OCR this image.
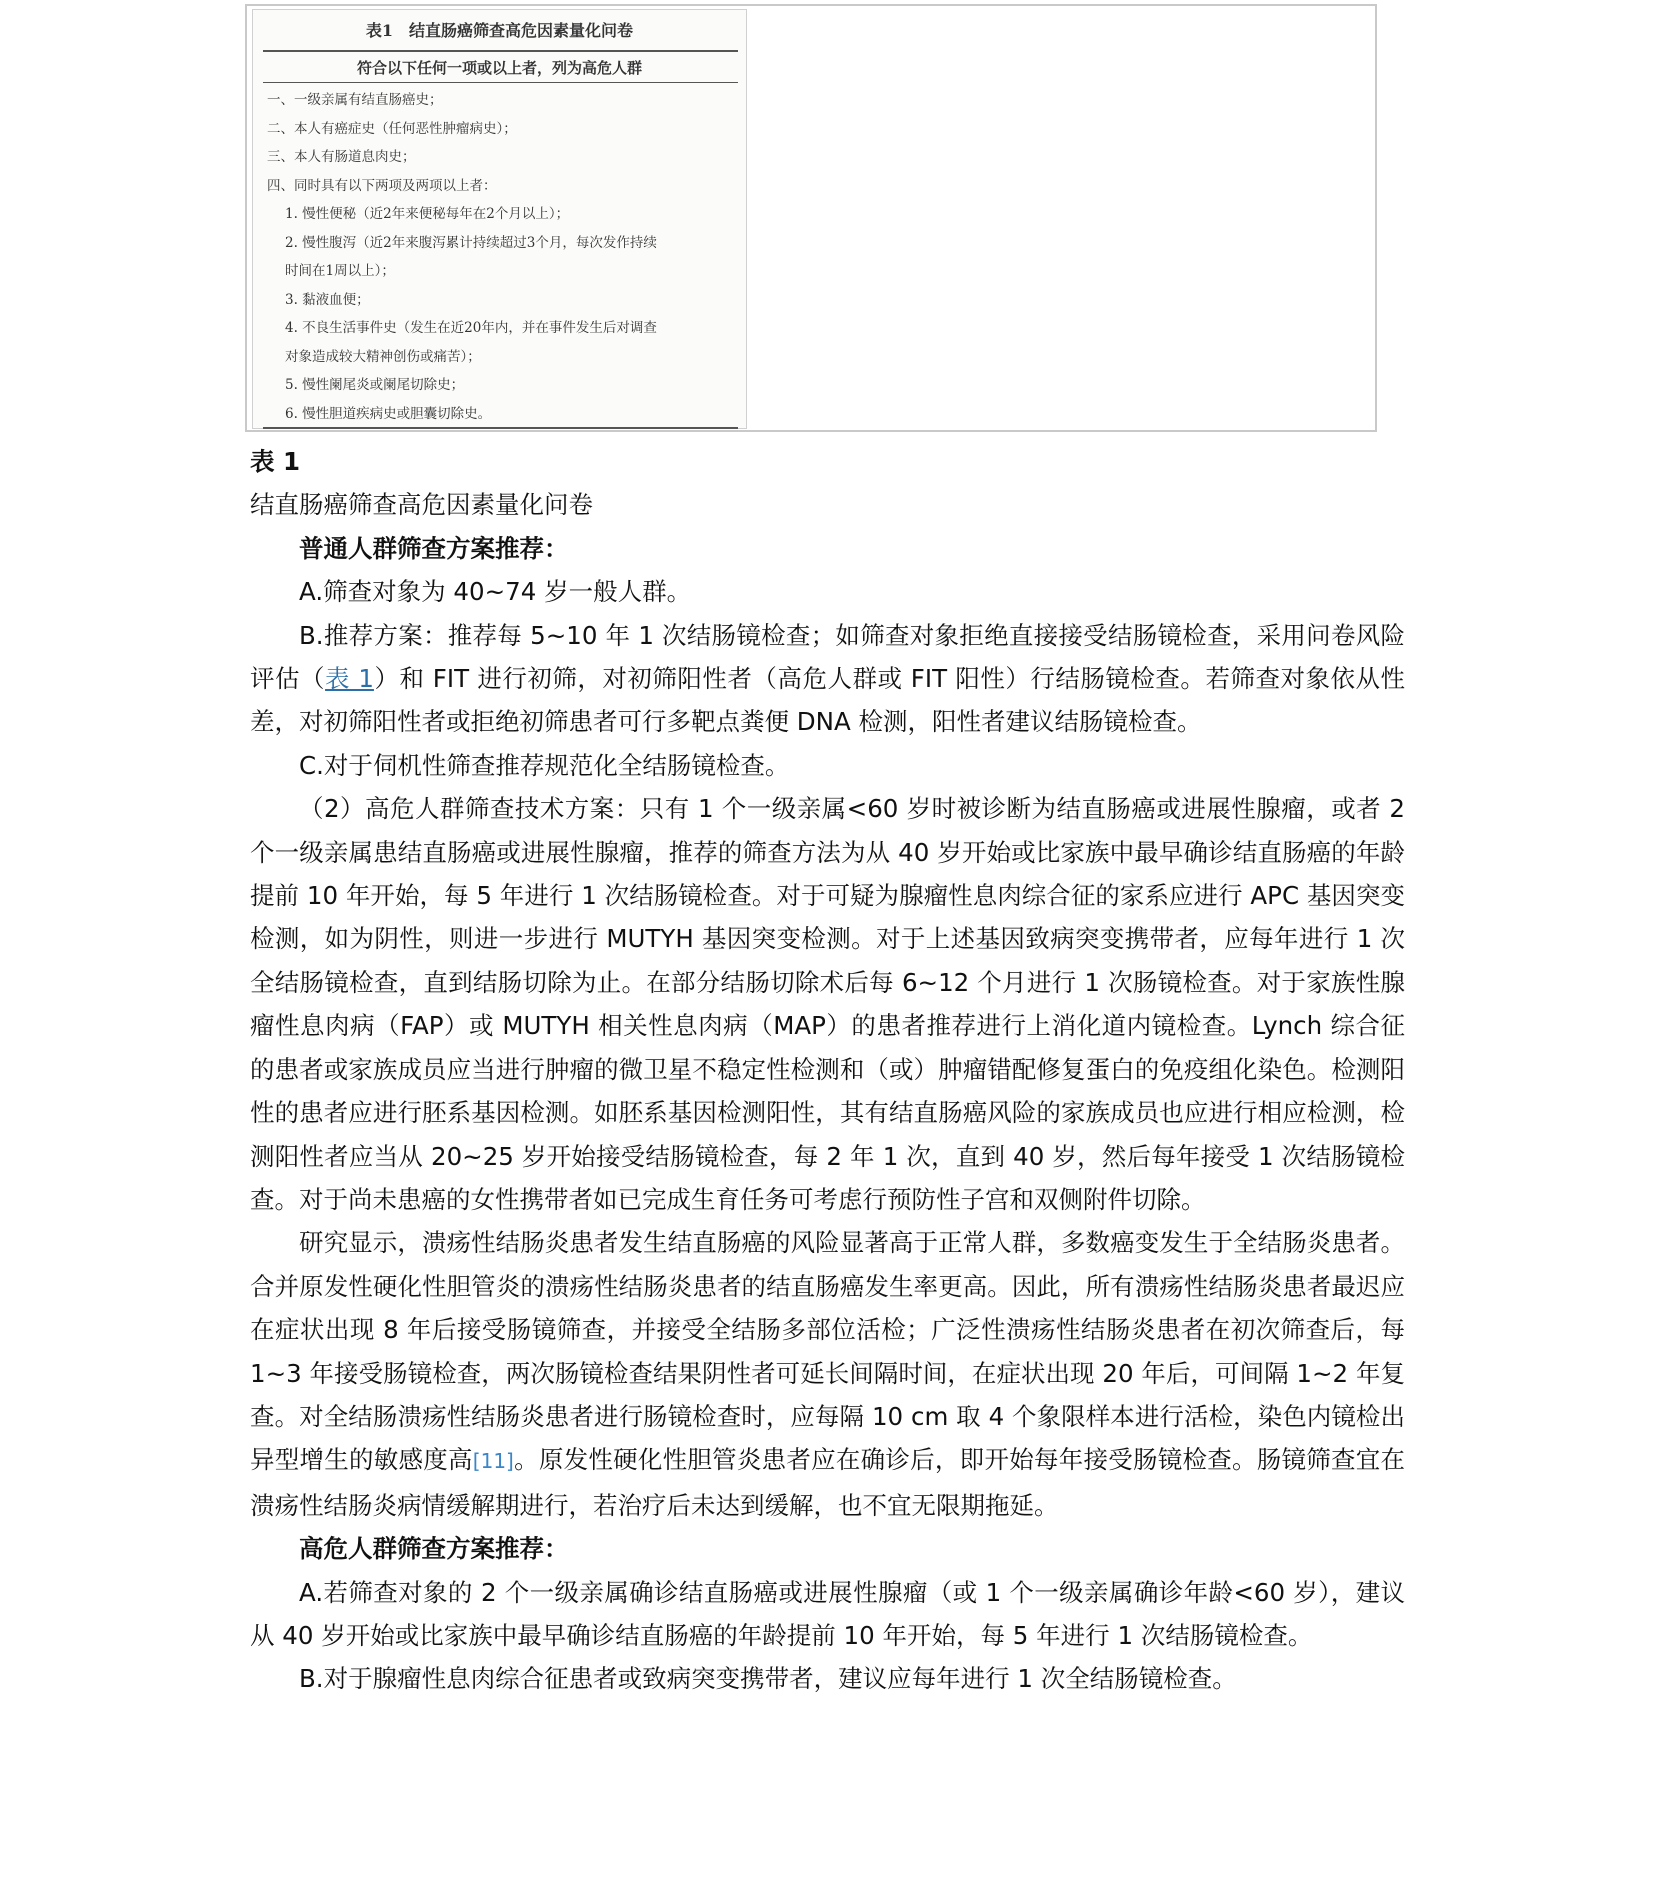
表1　结直肠癌筛查高危因素量化问卷
符合以下任何一项或以上者，列为高危人群
一、一级亲属有结直肠癌史；
二、本人有癌症史（任何恶性肿瘤病史）；
三、本人有肠道息肉史；
四、同时具有以下两项及两项以上者：
1. 慢性便秘（近2年来便秘每年在2个月以上）；
2. 慢性腹泻（近2年来腹泻累计持续超过3个月，每次发作持续
时间在1周以上）；
3. 黏液血便；
4. 不良生活事件史（发生在近20年内，并在事件发生后对调查
对象造成较大精神创伤或痛苦）；
5. 慢性阑尾炎或阑尾切除史；
6. 慢性胆道疾病史或胆囊切除史。

表 1

结直肠癌筛查高危因素量化问卷

普通人群筛查方案推荐：

A.筛查对象为 40~74 岁一般人群。

B.推荐方案：推荐每 5~10 年 1 次结肠镜检查；如筛查对象拒绝直接接受结肠镜检查，采用问卷风险评估（表 1）和 FIT 进行初筛，对初筛阳性者（高危人群或 FIT 阳性）行结肠镜检查。若筛查对象依从性差，对初筛阳性者或拒绝初筛患者可行多靶点粪便 DNA 检测，阳性者建议结肠镜检查。

C.对于伺机性筛查推荐规范化全结肠镜检查。

（2）高危人群筛查技术方案：只有 1 个一级亲属<60 岁时被诊断为结直肠癌或进展性腺瘤，或者 2 个一级亲属患结直肠癌或进展性腺瘤，推荐的筛查方法为从 40 岁开始或比家族中最早确诊结直肠癌的年龄提前 10 年开始，每 5 年进行 1 次结肠镜检查。对于可疑为腺瘤性息肉综合征的家系应进行 APC 基因突变检测，如为阴性，则进一步进行 MUTYH 基因突变检测。对于上述基因致病突变携带者，应每年进行 1 次全结肠镜检查，直到结肠切除为止。在部分结肠切除术后每 6~12 个月进行 1 次肠镜检查。对于家族性腺瘤性息肉病（FAP）或 MUTYH 相关性息肉病（MAP）的患者推荐进行上消化道内镜检查。Lynch 综合征的患者或家族成员应当进行肿瘤的微卫星不稳定性检测和（或）肿瘤错配修复蛋白的免疫组化染色。检测阳性的患者应进行胚系基因检测。如胚系基因检测阳性，其有结直肠癌风险的家族成员也应进行相应检测，检测阳性者应当从 20~25 岁开始接受结肠镜检查，每 2 年 1 次，直到 40 岁，然后每年接受 1 次结肠镜检查。对于尚未患癌的女性携带者如已完成生育任务可考虑行预防性子宫和双侧附件切除。

研究显示，溃疡性结肠炎患者发生结直肠癌的风险显著高于正常人群，多数癌变发生于全结肠炎患者。合并原发性硬化性胆管炎的溃疡性结肠炎患者的结直肠癌发生率更高。因此，所有溃疡性结肠炎患者最迟应在症状出现 8 年后接受肠镜筛查，并接受全结肠多部位活检；广泛性溃疡性结肠炎患者在初次筛查后，每 1~3 年接受肠镜检查，两次肠镜检查结果阴性者可延长间隔时间，在症状出现 20 年后，可间隔 1~2 年复查。对全结肠溃疡性结肠炎患者进行肠镜检查时，应每隔 10 cm 取 4 个象限样本进行活检，染色内镜检出异型增生的敏感度高[11]。原发性硬化性胆管炎患者应在确诊后，即开始每年接受肠镜检查。肠镜筛查宜在溃疡性结肠炎病情缓解期进行，若治疗后未达到缓解，也不宜无限期拖延。

高危人群筛查方案推荐：

A.若筛查对象的 2 个一级亲属确诊结直肠癌或进展性腺瘤（或 1 个一级亲属确诊年龄<60 岁），建议从 40 岁开始或比家族中最早确诊结直肠癌的年龄提前 10 年开始，每 5 年进行 1 次结肠镜检查。

B.对于腺瘤性息肉综合征患者或致病突变携带者，建议应每年进行 1 次全结肠镜检查。
